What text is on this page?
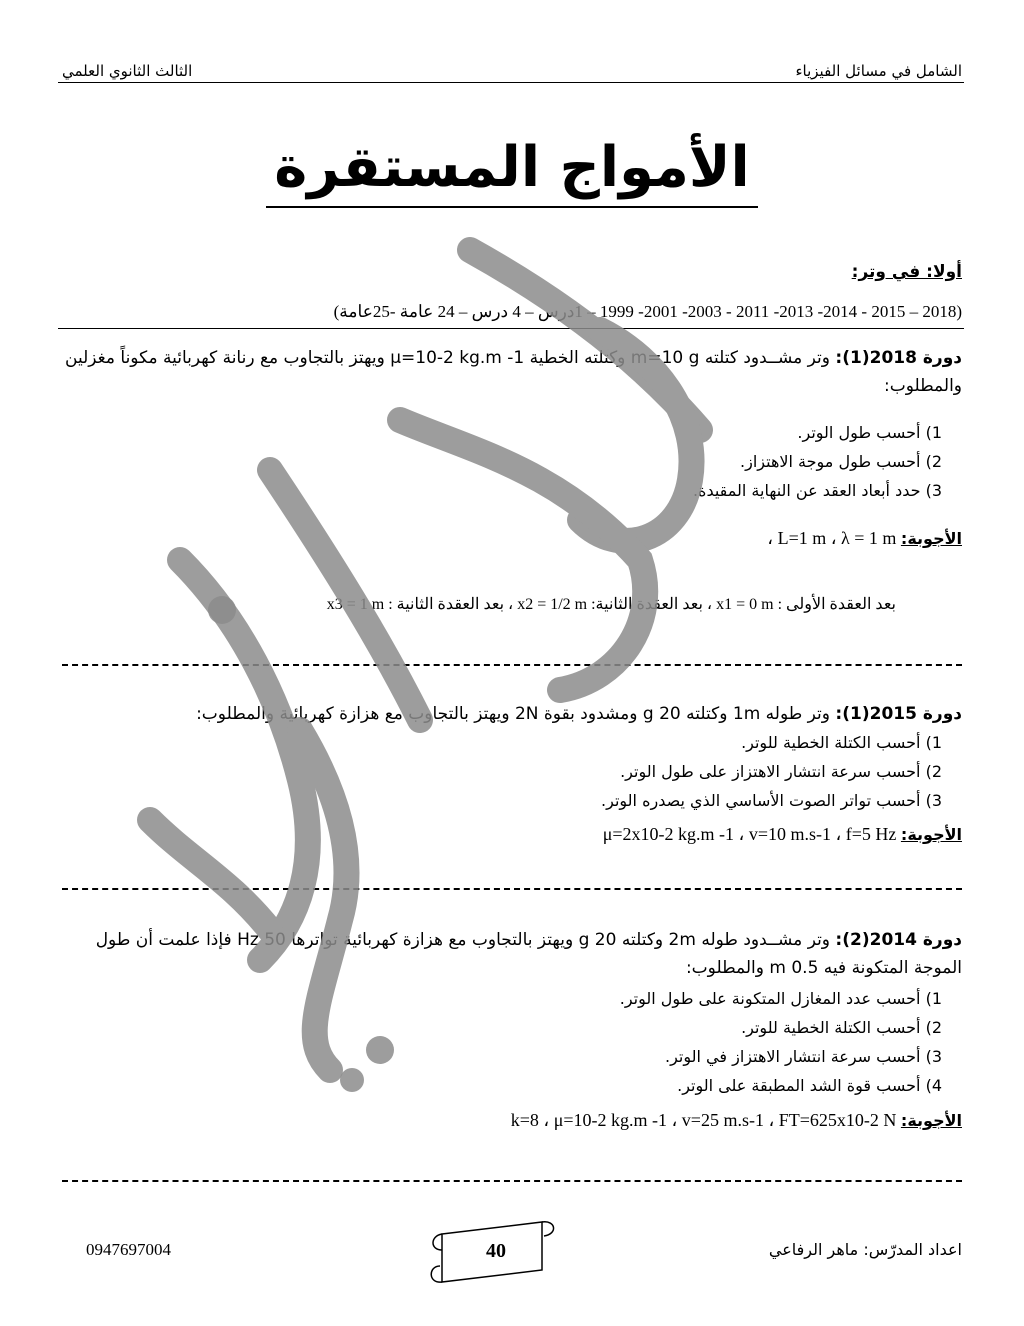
الشامل في مسائل الفيزياء
الثالث الثانوي العلمي
الأمواج المستقرة
أولا: في وتر:
(2018 – 2015 - 2014- 2013- 2011 - 2003- 2001- 1999 – 1درس – 4 درس – 24 عامة -25عامة)
دورة 2018(1): وتر مشــدود كتلته m=10 g وكتلته الخطية μ=10-2 kg.m -1 ويهتز بالتجاوب مع رنانة كهربائية مكوناً مغزلين والمطلوب:
1) أحسب طول الوتر.
2) أحسب طول موجة الاهتزاز.
3) حدد أبعاد العقد عن النهاية المقيدة.
الأجوبة: L=1 m ، λ = 1 m ،
بعد العقدة الأولى : x1 = 0 m ، بعد العقدة الثانية: x2 = 1/2 m ، بعد العقدة الثانية : x3 = 1 m
دورة 2015(1): وتر طوله 1m وكتلته 20 g ومشدود بقوة 2N ويهتز بالتجاوب مع هزازة كهربائية والمطلوب:
1) أحسب الكتلة الخطية للوتر.
2) أحسب سرعة انتشار الاهتزاز على طول الوتر.
3) أحسب تواتر الصوت الأساسي الذي يصدره الوتر.
الأجوبة: μ=2x10-2 kg.m -1 ، v=10 m.s-1 ، f=5 Hz
دورة 2014(2): وتر مشــدود طوله 2m وكتلته 20 g ويهتز بالتجاوب مع هزازة كهربائية تواترها 50 Hz فإذا علمت أن طول الموجة المتكونة فيه 0.5 m والمطلوب:
1) أحسب عدد المغازل المتكونة على طول الوتر.
2) أحسب الكتلة الخطية للوتر.
3) أحسب سرعة انتشار الاهتزاز في الوتر.
4) أحسب قوة الشد المطبقة على الوتر.
الأجوبة: k=8 ، μ=10-2 kg.m -1 ، v=25 m.s-1 ، FT=625x10-2 N
اعداد المدرّس: ماهر الرفاعي
0947697004	40
